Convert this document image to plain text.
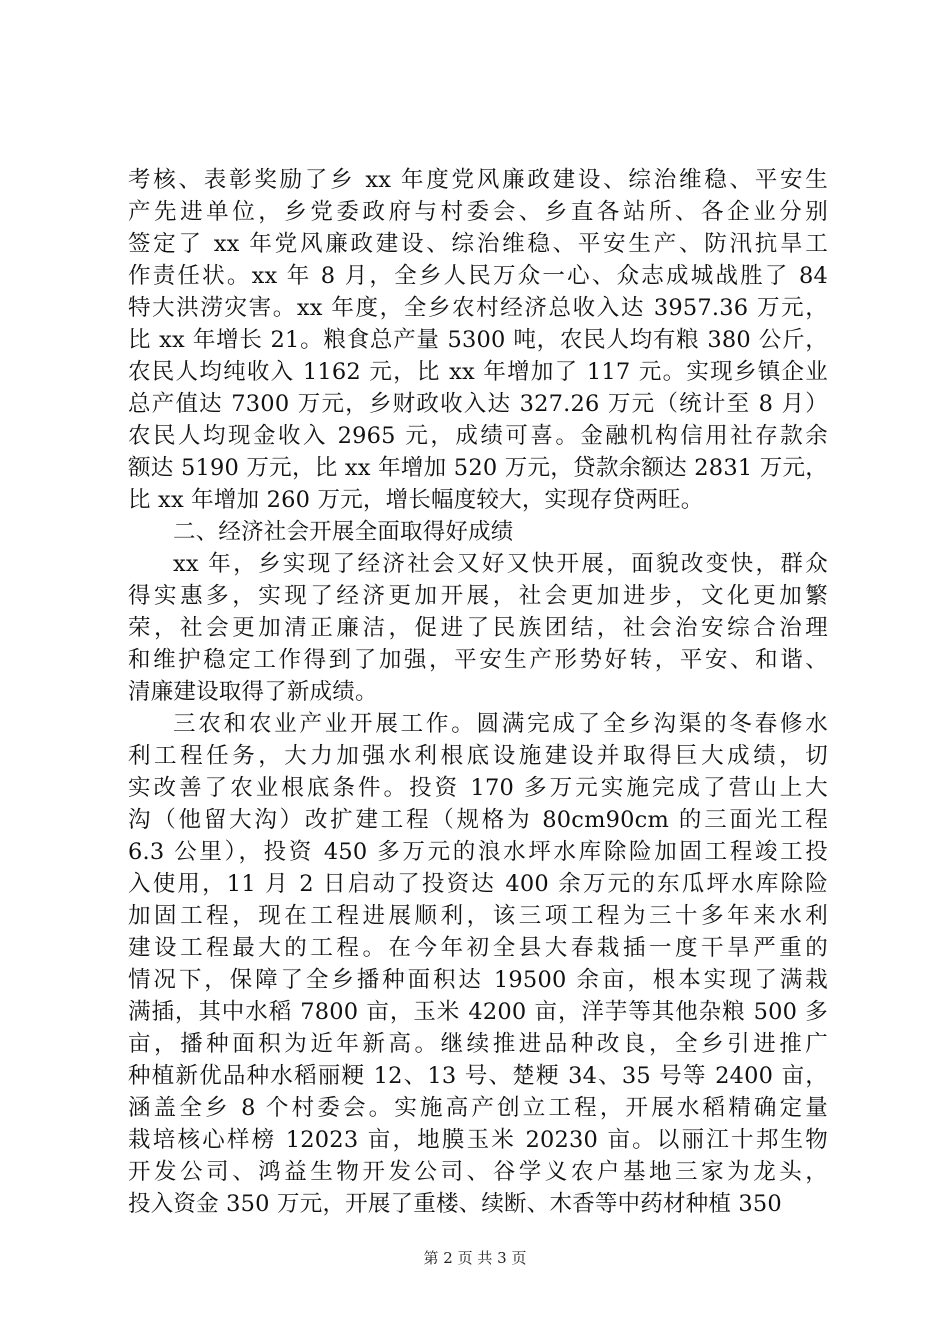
考核、表彰奖励了乡 xx 年度党风廉政建设、综治维稳、平安生
产先进单位，乡党委政府与村委会、乡直各站所、各企业分别
签定了 xx 年党风廉政建设、综治维稳、平安生产、防汛抗旱工
作责任状。xx 年 8 月，全乡人民万众一心、众志成城战胜了 84
特大洪涝灾害。xx 年度，全乡农村经济总收入达 3957.36 万元，
比 xx 年增长 21。粮食总产量 5300 吨，农民人均有粮 380 公斤，
农民人均纯收入 1162 元，比 xx 年增加了 117 元。实现乡镇企业
总产值达 7300 万元，乡财政收入达 327.26 万元（统计至 8 月）
农民人均现金收入 2965 元，成绩可喜。金融机构信用社存款余
额达 5190 万元，比 xx 年增加 520 万元，贷款余额达 2831 万元，
比 xx 年增加 260 万元，增长幅度较大，实现存贷两旺。
二、经济社会开展全面取得好成绩
xx 年，乡实现了经济社会又好又快开展，面貌改变快，群众
得实惠多，实现了经济更加开展，社会更加进步，文化更加繁
荣，社会更加清正廉洁，促进了民族团结，社会治安综合治理
和维护稳定工作得到了加强，平安生产形势好转，平安、和谐、
清廉建设取得了新成绩。
三农和农业产业开展工作。圆满完成了全乡沟渠的冬春修水
利工程任务，大力加强水利根底设施建设并取得巨大成绩，切
实改善了农业根底条件。投资 170 多万元实施完成了营山上大
沟（他留大沟）改扩建工程（规格为 80cm90cm 的三面光工程
6.3 公里），投资 450 多万元的浪水坪水库除险加固工程竣工投
入使用，11 月 2 日启动了投资达 400 余万元的东瓜坪水库除险
加固工程，现在工程进展顺利，该三项工程为三十多年来水利
建设工程最大的工程。在今年初全县大春栽插一度干旱严重的
情况下，保障了全乡播种面积达 19500 余亩，根本实现了满栽
满插，其中水稻 7800 亩，玉米 4200 亩，洋芋等其他杂粮 500 多
亩，播种面积为近年新高。继续推进品种改良，全乡引进推广
种植新优品种水稻丽粳 12、13 号、楚粳 34、35 号等 2400 亩，
涵盖全乡 8 个村委会。实施高产创立工程，开展水稻精确定量
栽培核心样榜 12023 亩，地膜玉米 20230 亩。以丽江十邦生物
开发公司、鸿益生物开发公司、谷学义农户基地三家为龙头，
投入资金 350 万元，开展了重楼、续断、木香等中药材种植 350
第 2 页 共 3 页
